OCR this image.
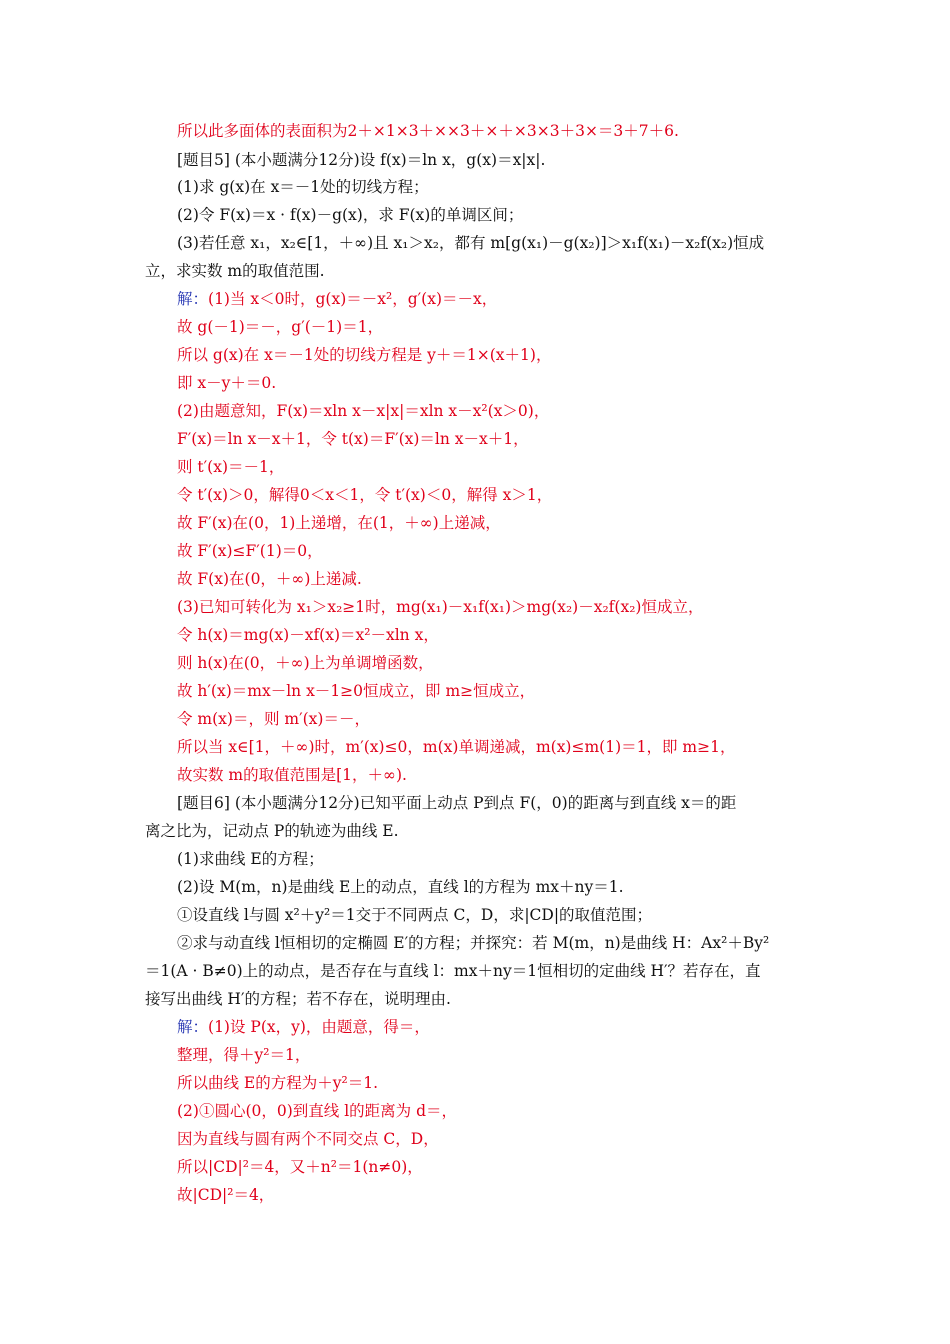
所以此多面体的表面积为2＋×1×3＋××3＋×＋×3×3＋3×＝3＋7＋6.
[题目5] (本小题满分12分)设 f(x)＝ln x，g(x)＝x|x|.
(1)求 g(x)在 x＝－1处的切线方程；
(2)令 F(x)＝x · f(x)－g(x)，求 F(x)的单调区间；
(3)若任意 x₁，x₂∈[1，＋∞)且 x₁＞x₂，都有 m[g(x₁)－g(x₂)]＞x₁f(x₁)－x₂f(x₂)恒成
立，求实数 m的取值范围.
解：(1)当 x＜0时，g(x)＝－x²，g′(x)＝－x，
故 g(－1)＝－，g′(－1)＝1，
所以 g(x)在 x＝－1处的切线方程是 y＋＝1×(x＋1)，
即 x－y＋＝0.
(2)由题意知，F(x)＝xln x－x|x|＝xln x－x²(x＞0)，
F′(x)＝ln x－x＋1，令 t(x)＝F′(x)＝ln x－x＋1，
则 t′(x)＝－1，
令 t′(x)＞0，解得0＜x＜1，令 t′(x)＜0，解得 x＞1，
故 F′(x)在(0，1)上递增，在(1，＋∞)上递减，
故 F′(x)≤F′(1)＝0，
故 F(x)在(0，＋∞)上递减.
(3)已知可转化为 x₁＞x₂≥1时，mg(x₁)－x₁f(x₁)＞mg(x₂)－x₂f(x₂)恒成立，
令 h(x)＝mg(x)－xf(x)＝x²－xln x，
则 h(x)在(0，＋∞)上为单调增函数，
故 h′(x)＝mx－ln x－1≥0恒成立，即 m≥恒成立，
令 m(x)＝，则 m′(x)＝－，
所以当 x∈[1，＋∞)时，m′(x)≤0，m(x)单调递减，m(x)≤m(1)＝1，即 m≥1，
故实数 m的取值范围是[1，＋∞).
[题目6] (本小题满分12分)已知平面上动点 P到点 F(，0)的距离与到直线 x＝的距
离之比为，记动点 P的轨迹为曲线 E.
(1)求曲线 E的方程；
(2)设 M(m，n)是曲线 E上的动点，直线 l的方程为 mx＋ny＝1.
①设直线 l与圆 x²＋y²＝1交于不同两点 C，D，求|CD|的取值范围；
②求与动直线 l恒相切的定椭圆 E′的方程；并探究：若 M(m，n)是曲线 H：Ax²＋By²
＝1(A · B≠0)上的动点，是否存在与直线 l：mx＋ny＝1恒相切的定曲线 H′？若存在，直
接写出曲线 H′的方程；若不存在，说明理由.
解：(1)设 P(x，y)，由题意，得＝，
整理，得＋y²＝1，
所以曲线 E的方程为＋y²＝1.
(2)①圆心(0，0)到直线 l的距离为 d＝，
因为直线与圆有两个不同交点 C，D，
所以|CD|²＝4，又＋n²＝1(n≠0)，
故|CD|²＝4，
